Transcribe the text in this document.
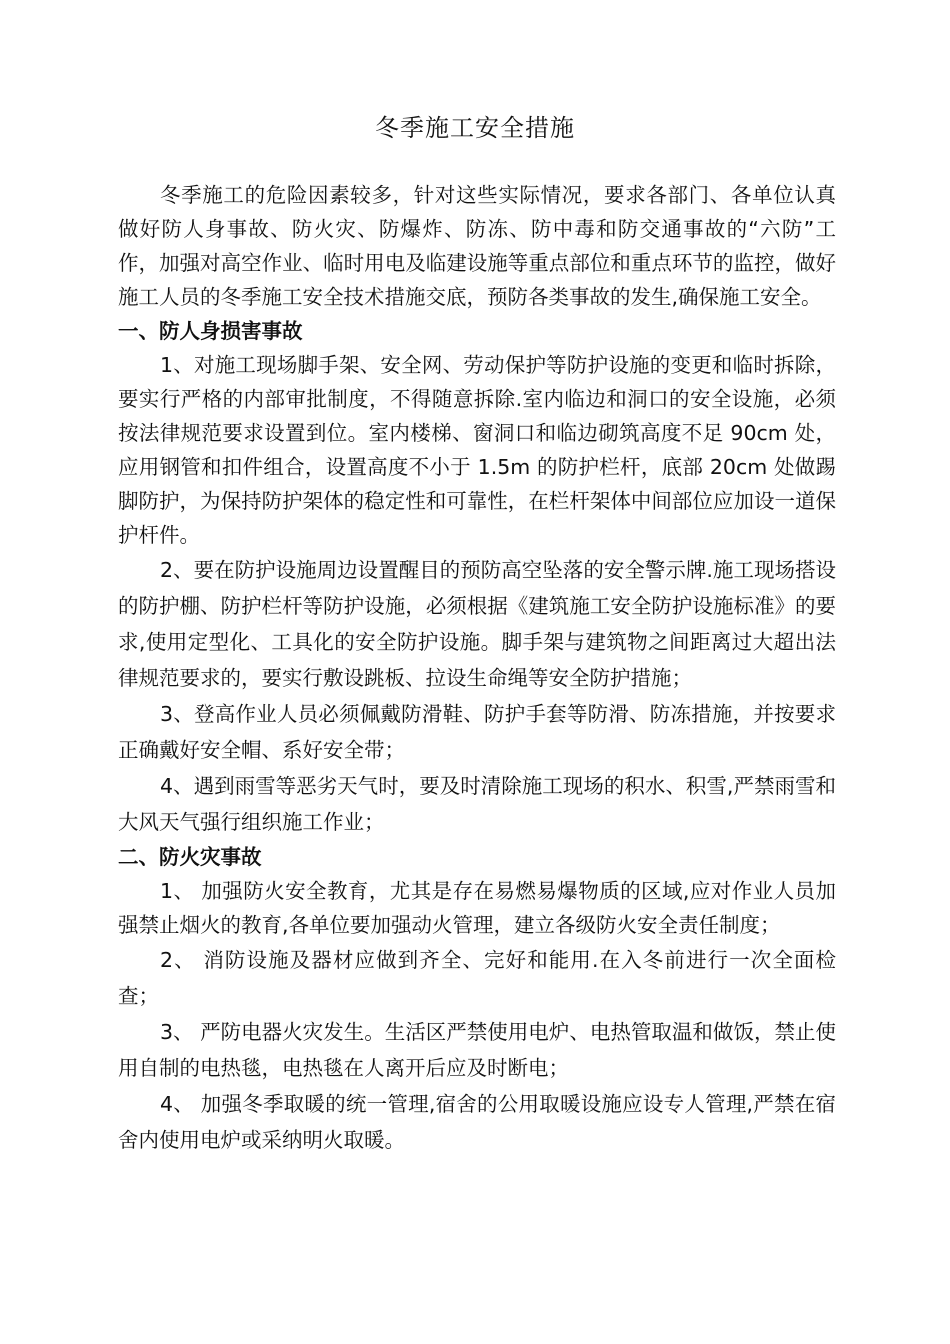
冬季施工安全措施

冬季施工的危险因素较多，针对这些实际情况，要求各部门、各单位认真做好防人身事故、防火灾、防爆炸、防冻、防中毒和防交通事故的“六防”工作，加强对高空作业、临时用电及临建设施等重点部位和重点环节的监控，做好施工人员的冬季施工安全技术措施交底，预防各类事故的发生,确保施工安全。

一、防人身损害事故

1、对施工现场脚手架、安全网、劳动保护等防护设施的变更和临时拆除，要实行严格的内部审批制度，不得随意拆除.室内临边和洞口的安全设施，必须按法律规范要求设置到位。室内楼梯、窗洞口和临边砌筑高度不足 90cm 处，应用钢管和扣件组合，设置高度不小于 1.5m 的防护栏杆，底部 20cm 处做踢脚防护，为保持防护架体的稳定性和可靠性，在栏杆架体中间部位应加设一道保护杆件。

2、要在防护设施周边设置醒目的预防高空坠落的安全警示牌.施工现场搭设的防护棚、防护栏杆等防护设施，必须根据《建筑施工安全防护设施标准》的要求,使用定型化、工具化的安全防护设施。脚手架与建筑物之间距离过大超出法律规范要求的，要实行敷设跳板、拉设生命绳等安全防护措施；

3、登高作业人员必须佩戴防滑鞋、防护手套等防滑、防冻措施，并按要求正确戴好安全帽、系好安全带；

4、遇到雨雪等恶劣天气时，要及时清除施工现场的积水、积雪,严禁雨雪和大风天气强行组织施工作业；

二、防火灾事故

1、 加强防火安全教育，尤其是存在易燃易爆物质的区域,应对作业人员加强禁止烟火的教育,各单位要加强动火管理，建立各级防火安全责任制度；

2、 消防设施及器材应做到齐全、完好和能用.在入冬前进行一次全面检查；

3、 严防电器火灾发生。生活区严禁使用电炉、电热管取温和做饭，禁止使用自制的电热毯，电热毯在人离开后应及时断电；

4、 加强冬季取暖的统一管理,宿舍的公用取暖设施应设专人管理,严禁在宿舍内使用电炉或采纳明火取暖。
